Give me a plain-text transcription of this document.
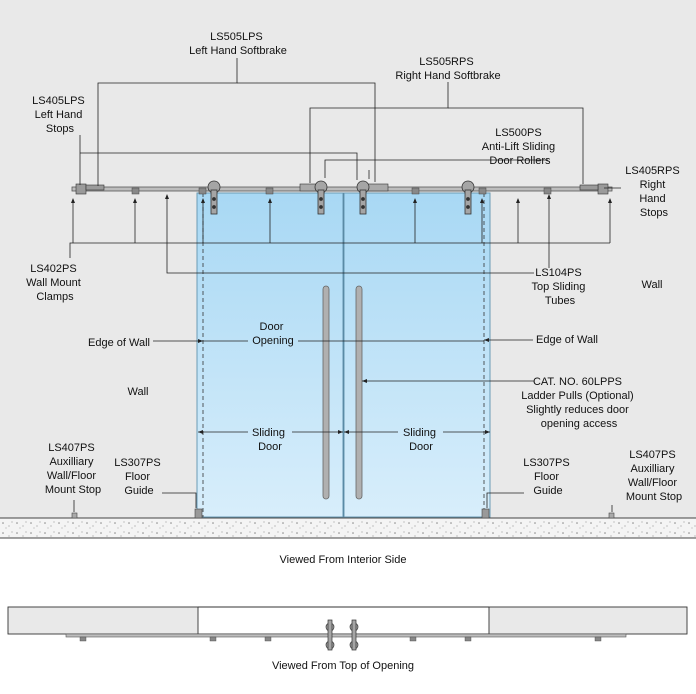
LS505LPS Left Hand Softbrake
LS505RPS Right Hand Softbrake
LS405LPS Left Hand Stops	LS500PS Anti-Lift Sliding Door Rollers
LS405RPS Right Hand Stops
LS402PS Wall Mount Clamps
LS104PS Top Sliding Tubes
Wall
Edge of Wall
Door Opening	Edge of Wall
Wall
CAT. NO. 60LPPS Ladder Pulls (Optional) Slightly reduces door opening access
Sliding Door
Sliding Door
LS407PS Auxilliary Wall/Floor Mount Stop
LS307PS Floor Guide
LS307PS Floor Guide
LS407PS Auxilliary Wall/Floor Mount Stop
Viewed From Interior Side
Viewed From Top of Opening
